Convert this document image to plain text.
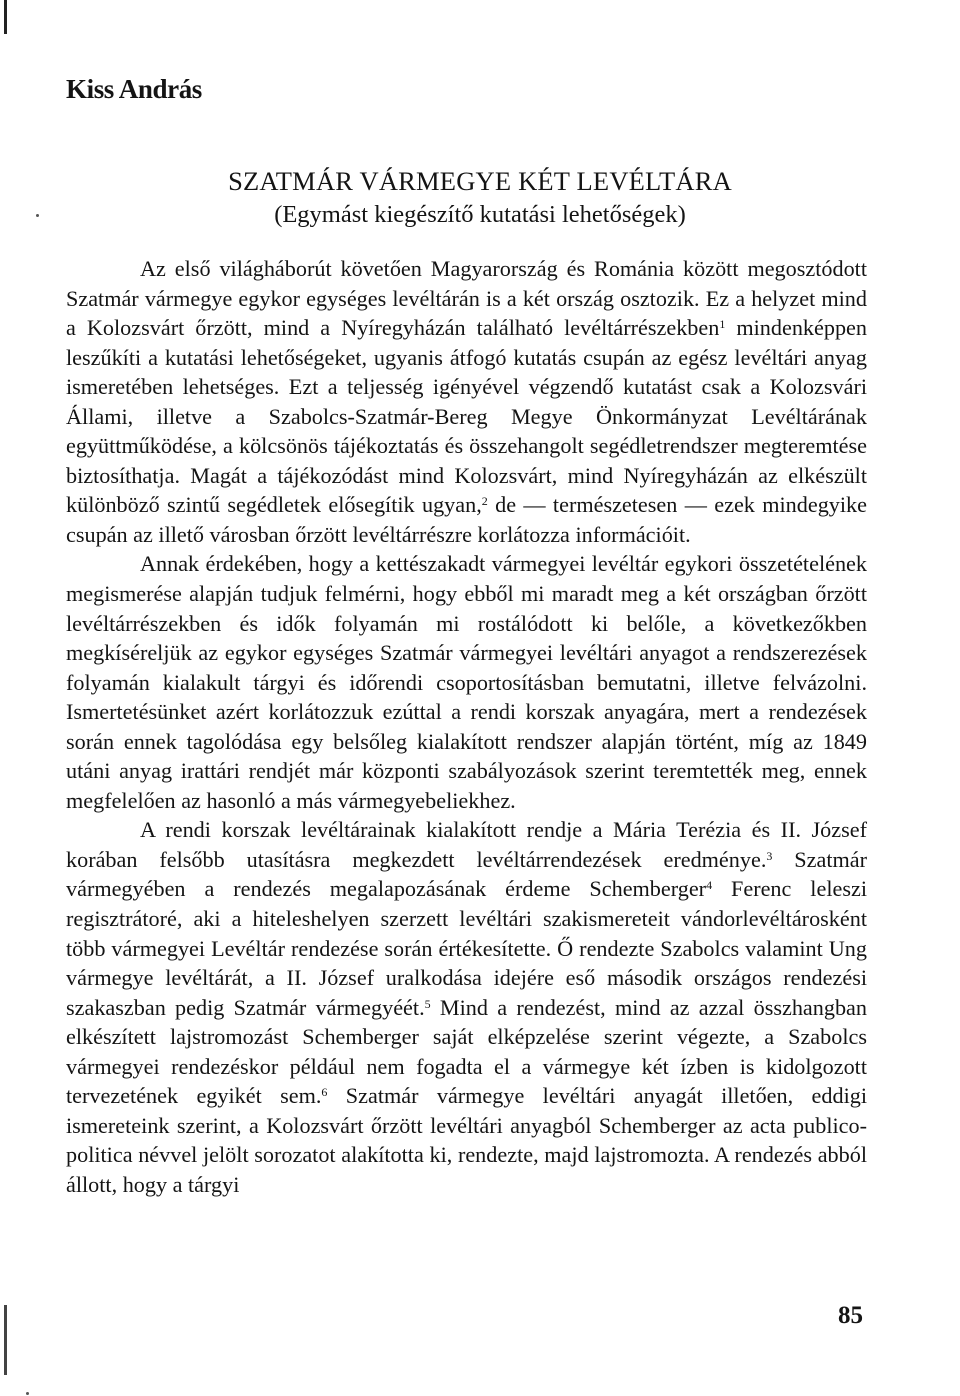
Kiss András
SZATMÁR VÁRMEGYE KÉT LEVÉLTÁRA
(Egymást kiegészítő kutatási lehetőségek)

Az első világháborút követően Magyarország és Románia között megosztódott Szatmár vármegye egykor egységes levéltárán is a két ország osztozik. Ez a helyzet mind a Kolozsvárt őrzött, mind a Nyíregyházán található levéltárrészekben$^1$ mindenképpen leszűkíti a kutatási lehetőségeket, ugyanis átfogó kutatás csupán az egész levéltári anyag ismeretében lehetséges. Ezt a teljesség igényével végzendő kutatást csak a Kolozsvári Állami, illetve a Szabolcs-Szatmár-Bereg Megye Önkormányzat Levéltárának együttműködése, a kölcsönös tájékoztatás és összehangolt segédletrendszer megteremtése biztosíthatja. Magát a tájékozódást mind Kolozsvárt, mind Nyíregyházán az elkészült különböző szintű segédletek elősegítik ugyan,$^2$ de — természetesen — ezek mindegyike csupán az illető városban őrzött levéltárrészre korlátozza információit.

Annak érdekében, hogy a kettészakadt vármegyei levéltár egykori összetételének megismerése alapján tudjuk felmérni, hogy ebből mi maradt meg a két országban őrzött levéltárrészekben és idők folyamán mi rostálódott ki belőle, a következőkben megkíséreljük az egykor egységes Szatmár vármegyei levéltári anyagot a rendszerezések folyamán kialakult tárgyi és időrendi csoportosításban bemutatni, illetve felvázolni. Ismertetésünket azért korlátozzuk ezúttal a rendi korszak anyagára, mert a rendezések során ennek tagolódása egy belsőleg kialakított rendszer alapján történt, míg az 1849 utáni anyag irattári rendjét már központi szabályozások szerint teremtették meg, ennek megfelelően az hasonló a más vármegyebeliekhez.

A rendi korszak levéltárainak kialakított rendje a Mária Terézia és II. József korában felsőbb utasításra megkezdett levéltárrendezések eredménye.$^3$ Szatmár vármegyében a rendezés megalapozásának érdeme Schemberger$^4$ Ferenc leleszi regisztrátoré, aki a hiteleshelyen szerzett levéltári szakismereteit vándorlevéltárosként több vármegyei Levéltár rendezése során értékesítette. Ő rendezte Szabolcs valamint Ung vármegye levéltárát, a II. József uralkodása idejére eső második országos rendezési szakaszban pedig Szatmár vármegyéét.$^5$ Mind a rendezést, mind az azzal összhangban elkészített lajstromozást Schemberger saját elképzelése szerint végezte, a Szabolcs vármegyei rendezéskor például nem fogadta el a vármegye két ízben is kidolgozott tervezetének egyikét sem.$^6$ Szatmár vármegye levéltári anyagát illetően, eddigi ismereteink szerint, a Kolozsvárt őrzött levéltári anyagból Schemberger az acta publico-politica névvel jelölt sorozatot alakította ki, rendezte, majd lajstromozta. A rendezés abból állott, hogy a tárgyi

85
